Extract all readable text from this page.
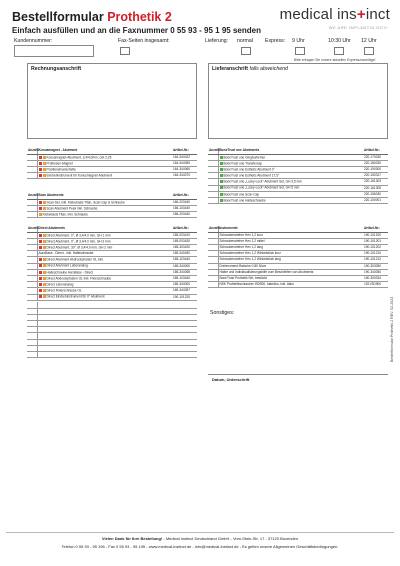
Bestellformular Prothetik 2
Einfach ausfüllen und an die Faxnummer 0 55 93 - 95 1 95 senden
medical ins+inct
WE ARE IMPLANTOLOGY!
Kundennummer:	Fax-Seiten insgesamt:	Lieferung: normal Express: 9 Uhr	10:30 Uhr 12 Uhr
Bitte erfragen Sie unsere aktuellen Expresszuschläge!
Rechnungsanschrift	Lieferanschrift falls abweichend
Anzahl	Konusmagnet - Abutment	Artikel-Nr.:
	Konusmagnet-Abutment, 3,4/4,0mm, GH 2,25	164-344022
	Prothesen-Magnet	164-344050
	Positionsmanschette	164-344060
	Eindrehinstrument für Konusmagnet-Abutment	164-344070
Anzahl	Scan Abutments	Artikel-Nr.:
	Scan-Set, inkl. Klebebasis Titan, Scan Cap & Schraube	166-203440
	Scan Abutment Peek inkl. Schraube	166-103440
	Klebebasis Titan, inkl. Schraube	166-203440
Anzahl	Direct Abutments	Artikel-Nr.:
	Direct Abutment, 0°, Ø 3,4/4,0 mm, GH 1 mm	165-003410
	Direct Abutment, 0°, Ø 3,4/4,0 mm, GH 3 mm	165-003430
	Direct Abutment, 30°, Ø 3,4/4,0 mm, GH 2 mm	165-303420
	AuroBase - Direct , inkl. Halteschraube	165-340450
	Direct Abutment Abdruckpfosten OL inkl.	165-103440
	Direct Abutment Laboranalog	165-344000
	Halteschraube AuroBase - Direct	165-344055
	Direct Abdruckpfosten OL inkl. Fixierschraube	165-103440
	Direct Laboranalog	165-344000
	Direct Fixierschraube OL	165-344057
	Direct Eindrehinstrument für 0° Abutment	190-101220
Anzahl	BoneTrust one Abutments	Artikel-Nr.:
	BoneTrust one Gingivaformer	220-170030
	BoneTrust one Transfercap	220-180030
	BoneTrust one Esthetic Abutment 0°	220-150300
	BoneTrust one Esthetic Abutment 17,5°	220-150317
	BoneTrust one „Lucky-Lock"-Abutment Set, GH 3,5 mm	220-161303
	BoneTrust one „Lucky-Lock"-Abutment Set, GH 5 mm	220-161305
	BoneTrust one Scan Cap	220-156030
	BoneTrust one Halteschraube	220-100001
Anzahl	Instrumente	Artikel-Nr.:
	Schraubendreher Hex 1,2 kurz	190-101200
	Schraubendreher Hex 1,2 mittel	190-101201
	Schraubendreher Hex 1,2 lang	190-101202
	Schraubendreher Hex 1,2 Winkelstück kurz	190-101210
	Schraubendreher Hex 1,2 Winkelstück lang	190-101212
	Drehmoment-Ratsche 0-80 N/cm	190-303050
	Halter und Individualisierungshilfe zum Beschleifen von Abutments	190-344050
	BoneTrust Prothetik Set, bestückt	190-300334
	NSK Prothetikschrauber ISD900, kabellos, inkl. Akku	192-ISD900

Sonstiges:
Datum, Unterschrift
Bestellformular Prothetik 2 REV. 02.2023
Vielen Dank für Ihre Bestellung! - Medical Instinct Deutschland GmbH - Vom-Stein-Str. 17 - 37120 Bovenden
Telefon 0 55 93 - 95 196 - Fax 0 55 93 - 95 195 - www.medical-instinct.de - info@medical-instinct.de - Es gelten unsere Allgemeinen Geschäftsbedingungen.
